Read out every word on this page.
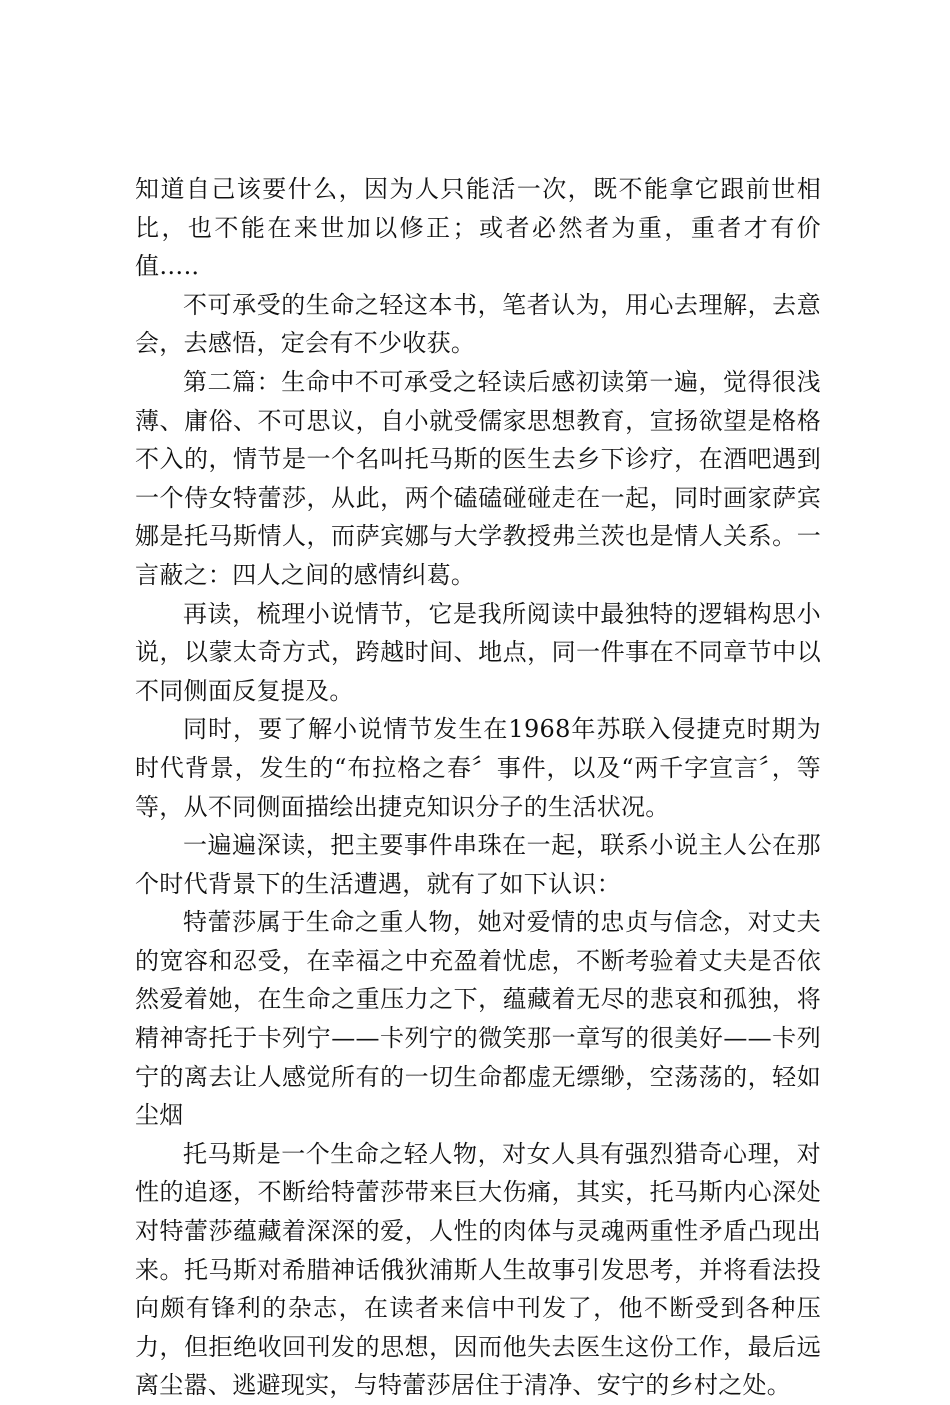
知道自己该要什么，因为人只能活一次，既不能拿它跟前世相比，也不能在来世加以修正；或者必然者为重，重者才有价值….．

不可承受的生命之轻这本书，笔者认为，用心去理解，去意会，去感悟，定会有不少收获。

第二篇：生命中不可承受之轻读后感初读第一遍，觉得很浅薄、庸俗、不可思议，自小就受儒家思想教育，宣扬欲望是格格不入的，情节是一个名叫托马斯的医生去乡下诊疗，在酒吧遇到一个侍女特蕾莎，从此，两个磕磕碰碰走在一起，同时画家萨宾娜是托马斯情人，而萨宾娜与大学教授弗兰茨也是情人关系。一言蔽之：四人之间的感情纠葛。

再读，梳理小说情节，它是我所阅读中最独特的逻辑构思小说，以蒙太奇方式，跨越时间、地点，同一件事在不同章节中以不同侧面反复提及。

同时，要了解小说情节发生在1968年苏联入侵捷克时期为时代背景，发生的“布拉格之春〞事件，以及“两千字宣言〞，等等，从不同侧面描绘出捷克知识分子的生活状况。

一遍遍深读，把主要事件串珠在一起，联系小说主人公在那个时代背景下的生活遭遇，就有了如下认识：

特蕾莎属于生命之重人物，她对爱情的忠贞与信念，对丈夫的宽容和忍受，在幸福之中充盈着忧虑，不断考验着丈夫是否依然爱着她，在生命之重压力之下，蕴藏着无尽的悲哀和孤独，将精神寄托于卡列宁——卡列宁的微笑那一章写的很美好——卡列宁的离去让人感觉所有的一切生命都虚无缥缈，空荡荡的，轻如尘烟

托马斯是一个生命之轻人物，对女人具有强烈猎奇心理，对性的追逐，不断给特蕾莎带来巨大伤痛，其实，托马斯内心深处对特蕾莎蕴藏着深深的爱，人性的肉体与灵魂两重性矛盾凸现出来。托马斯对希腊神话俄狄浦斯人生故事引发思考，并将看法投向颇有锋利的杂志，在读者来信中刊发了，他不断受到各种压力，但拒绝收回刊发的思想，因而他失去医生这份工作，最后远离尘嚣、逃避现实，与特蕾莎居住于清净、安宁的乡村之处。
